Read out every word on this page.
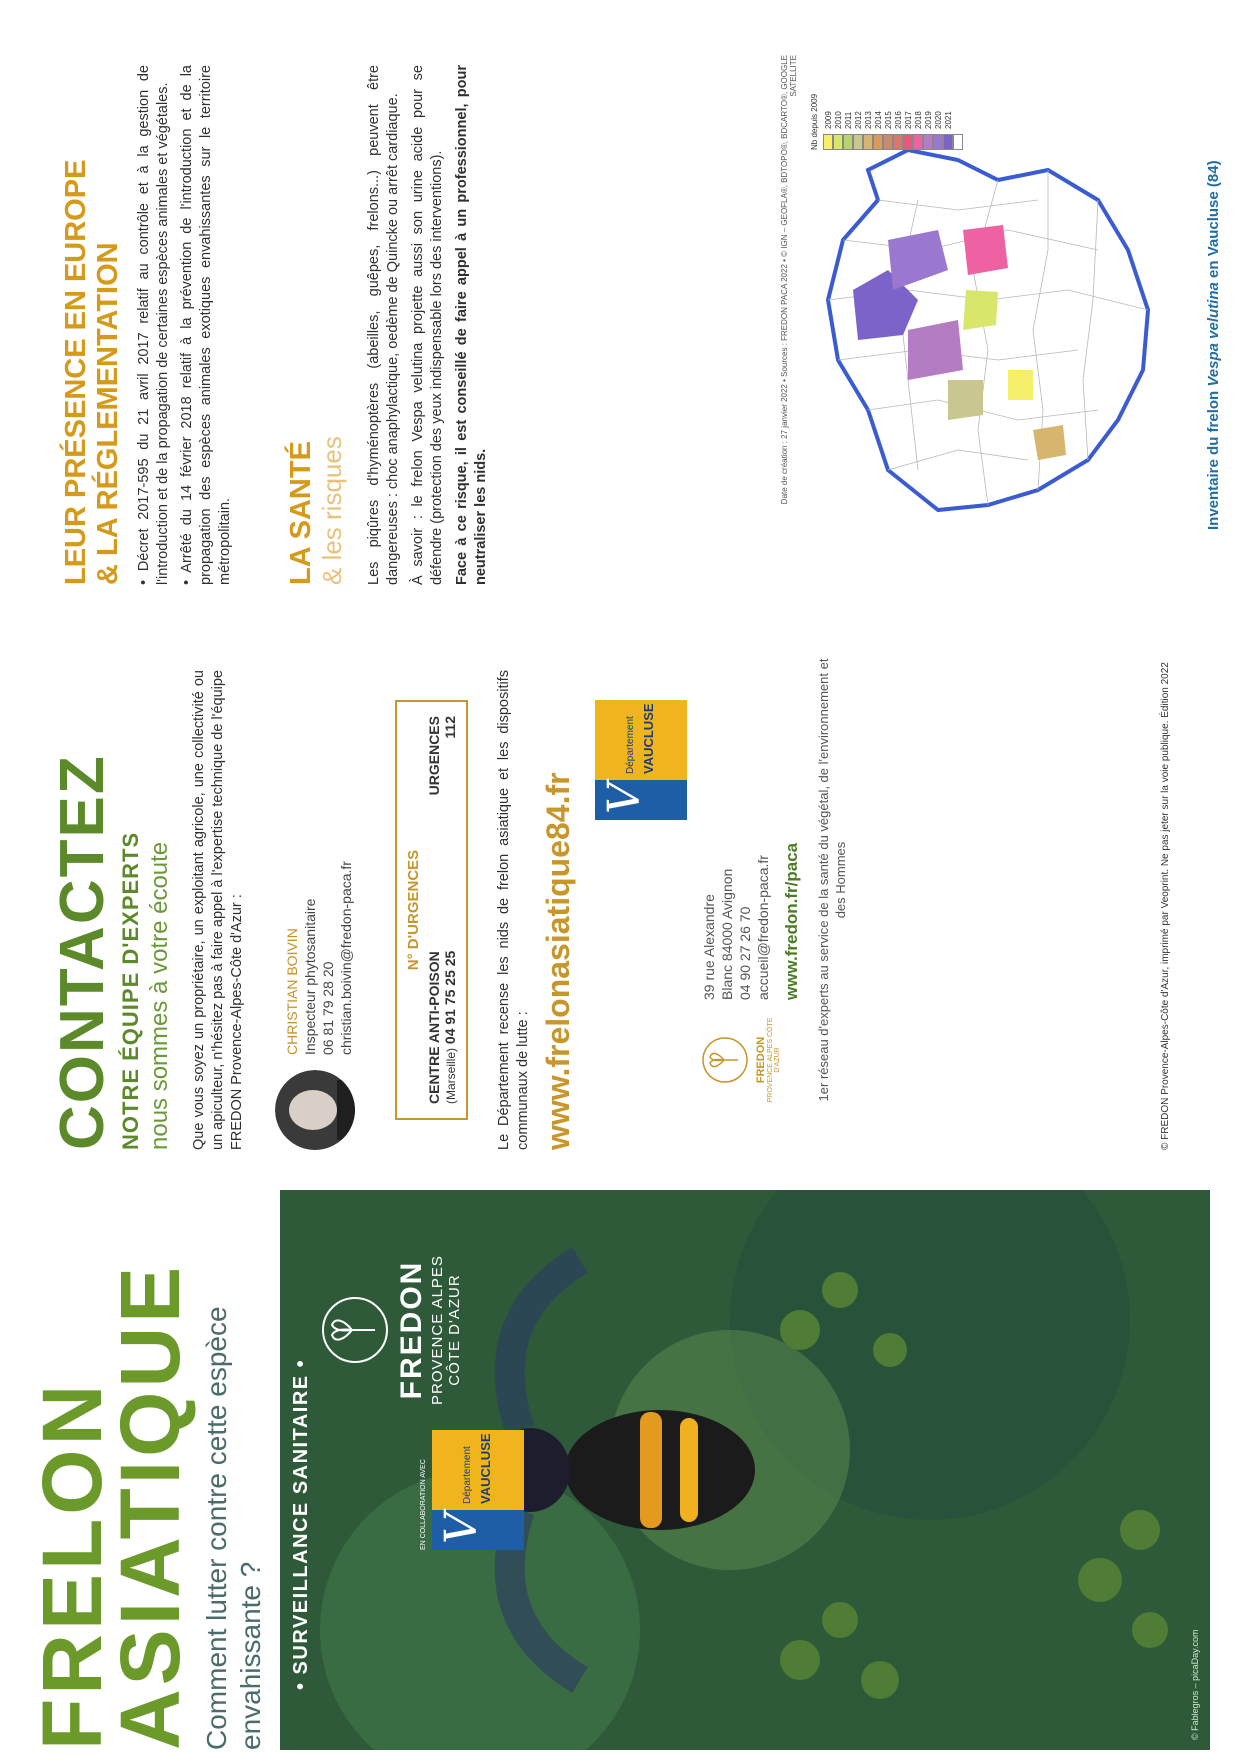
Date de création : 27 janvier 2022 • Sources : FREDON PACA 2022 • © IGN – GEOFLA®, BDTOPO®, BDCARTO®, GOOGLE SATELLITE
Nb depuis 2009 2009 2010 2011 2012 2013 2014 2015 2016 2017 2018 2019 2020 2021
Inventaire du frelon Vespa velutina en Vaucluse (84)
LEUR PRÉSENCE EN EUROPE & LA RÉGLEMENTATION • Décret 2017-595 du 21 avril 2017 relatif au contrôle et à la gestion de l'introduction et de la propagation de certaines espèces animales et végétales. • Arrêté du 14 février 2018 relatif à la prévention de l'introduction et de la propagation des espèces animales exotiques envahissantes sur le territoire métropolitain. LA SANTÉ & les risques Les piqûres d'hyménoptères (abeilles, guêpes, frelons...) peuvent être dangereuses : choc anaphylactique, oedème de Quincke ou arrêt cardiaque. À savoir : le frelon Vespa velutina projette aussi son urine acide pour se défendre (protection des yeux indispensable lors des interventions). Face à ce risque, il est conseillé de faire appel à un professionnel, pour neutraliser les nids.

CONTACTEZ NOTRE ÉQUIPE D'EXPERTS nous sommes à votre écoute Que vous soyez un propriétaire, un exploitant agricole, une collectivité ou un apiculteur, n'hésitez pas à faire appel à l'expertise technique de l'équipe FREDON Provence-Alpes-Côte d'Azur :	CHRISTIAN BOIVIN Inspecteur phytosanitaire 06 81 79 28 20 christian.boivin@fredon-paca.fr	N° D'URGENCES
CENTRE ANTI-POISON (Marseille) 04 91 75 25 25
URGENCES 112	Le Département recense les nids de frelon asiatique et les dispositifs communaux de lutte : www.frelonasiatique84.fr V
Département VAUCLUSE
FREDON PROVENCE ALPES CÔTE D'AZUR
39 rue Alexandre Blanc 84000 Avignon 04 90 27 26 70 accueil@fredon-paca.fr www.fredon.fr/paca 1er réseau d'experts au service de la santé du végétal, de l'environnement et des Hommes	© FREDON Provence-Alpes-Côte d'Azur, imprimé par Veoprint. Ne pas jeter sur la voie publique. Édition 2022
FRELON
ASIATIQUE Comment lutter contre cette espèce envahissante ? • SURVEILLANCE SANITAIRE •
FREDON PROVENCE ALPES CÔTE D'AZUR
EN COLLABORATION AVEC V
Département VAUCLUSE
© Fablegros – picaDay.com
